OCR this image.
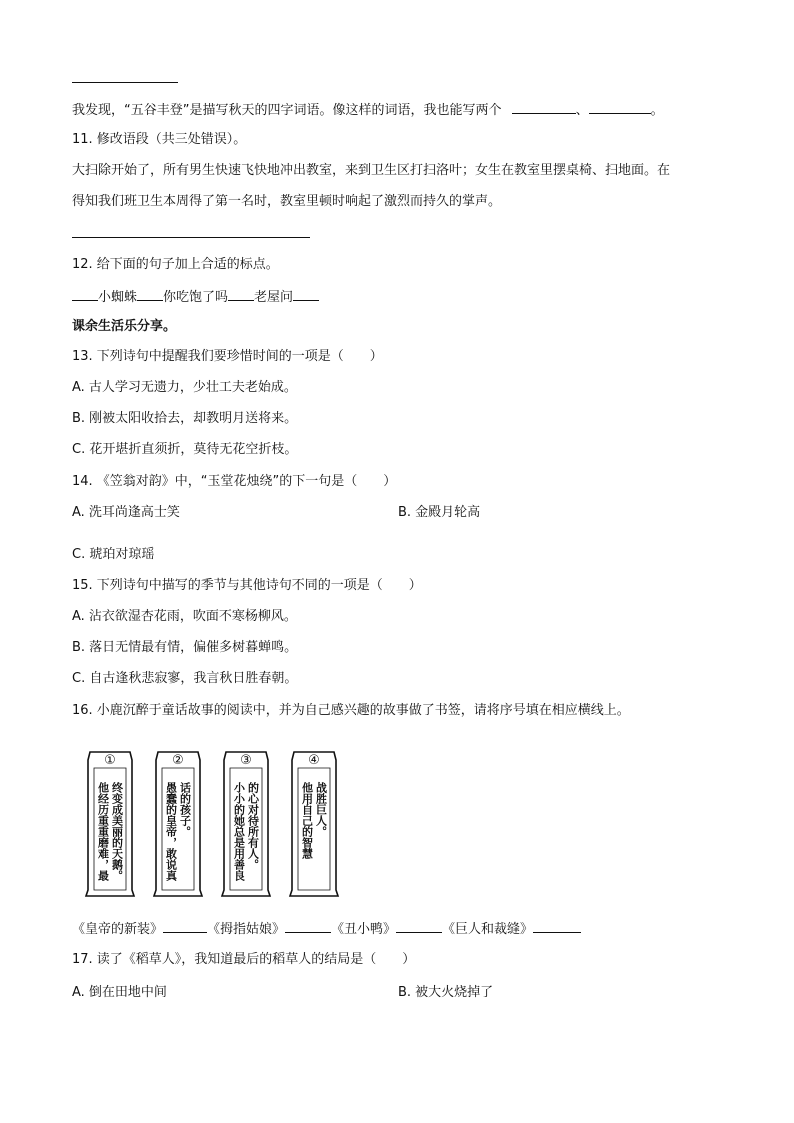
我发现，“五谷丰登”是描写秋天的四字词语。像这样的词语，我也能写两个	、	。
11. 修改语段（共三处错误）。
大扫除开始了，所有男生快速飞快地冲出教室，来到卫生区打扫洛叶；女生在教室里摆桌椅、扫地面。在
得知我们班卫生本周得了第一名时，教室里顿时响起了激烈而持久的掌声。
12. 给下面的句子加上合适的标点。
小蜘蛛 你吃饱了吗 老屋问
课余生活乐分享。
13. 下列诗句中提醒我们要珍惜时间的一项是（　　）
A. 古人学习无遗力，少壮工夫老始成。
B. 刚被太阳收拾去，却教明月送将来。
C. 花开堪折直须折，莫待无花空折枝。
14. 《笠翁对韵》中，“玉堂花烛绕”的下一句是（　　）
A. 洗耳尚逢高士笑	B. 金殿月轮高
C. 琥珀对琼瑶
15. 下列诗句中描写的季节与其他诗句不同的一项是（　　）
A. 沾衣欲湿杏花雨，吹面不寒杨柳风。
B. 落日无情最有情，偏催多树暮蝉鸣。
C. 自古逢秋悲寂寥，我言秋日胜春朝。
16. 小鹿沉醉于童话故事的阅读中，并为自己感兴趣的故事做了书签，请将序号填在相应横线上。
①
终变成美丽的天鹅。
他经历重重磨难，最
②
话的孩子。
愚蠢的皇帝，敢说真
③
的心对待所有人。
小小的她总是用善良
④
战胜巨人。
他用自己的智慧
《皇帝的新装》	《拇指姑娘》	《丑小鸭》	《巨人和裁缝》
17. 读了《稻草人》，我知道最后的稻草人的结局是（　　）
A. 倒在田地中间	B. 被大火烧掉了
